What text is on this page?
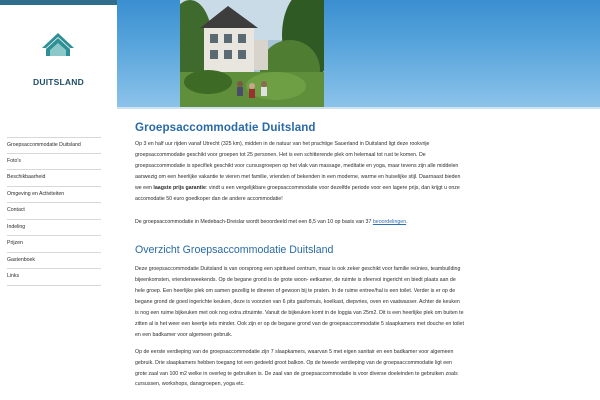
DUITSLAND
Groepsaccommodatie Duitsland
Foto's
Beschikbaarheid
Omgeving en Activiteiten
Contact
Indeling
Prijzen
Gastenboek
Links
Groepsaccommodatie Duitsland

Op 3 en half uur rijden vanaf Utrecht (325 km), midden in de natuur van het prachtige Sauerland in Duitsland ligt deze rookvrije groepsaccommodatie geschikt voor groepen tot 25 personen. Het is een schitterende plek om helemaal tot rust te komen. De groepsaccommodatie is specifiek geschikt voor cursusgroepen op het vlak van massage, meditatie en yoga, maar tevens zijn alle middelen aanwezig om een heerlijke vakantie te vieren met familie, vrienden of bekenden in een moderne, warme en huiselijke stijl. Daarnaast bieden we een laagste prijs garantie: vindt u een vergelijkbare groepsaccommodatie voor dezelfde periode voor een lagere prijs, dan krijgt u onze accomodatie 50 euro goedkoper dan de andere accommodatie!

De groepsaccommodatie in Medebach-Dreislar wordt beoordeeld met een 8,5 van 10 op basis van 37 beoordelingen.

Overzicht Groepsaccommodatie Duitsland

Deze groepsaccommodatie Duitsland is van oorsprong een spiritueel centrum, maar is ook zeker geschikt voor familie reünies, teambuilding bijeenkomsten, vriendenweekends. Op de begane grond is de grote woon- eetkamer, de ruimte is sfeervol ingericht en biedt plaats aan de hele groep. Een heerlijke plek om samen gezellig te dineren of gewoon bij te praten. In de ruime entree/hal is een toilet. Verder is er op de begane grond de goed ingerichte keuken, deze is voorzien van 6 pits gasfornuis, koelkast, diepvries, oven en vaatwasser. Achter de keuken is nog een ruime bijkeuken met ook nog extra zitruimte. Vanuit de bijkeuken komt in de loggia van 25m2. Dit is een heerlijke plek om buiten te zitten al is het weer een keertje iets minder. Ook zijn er op de begane grond van de groepsaccommodatie 5 slaapkamers met douche en toilet en een badkamer voor algemeen gebruik.

Op de eerste verdieping van de groepsaccommodatie zijn 7 slaapkamers, waarvan 5 met eigen sanitair en een badkamer voor algemeen gebruik. Drie slaapkamers hebben toegang tot een gedeeld groot balkon. Op de tweede verdieping van de groepsaccommodatie ligt een grote zaal van 100 m2 welke in overleg te gebruiken is. De zaal van de groepsaccommodatie is voor diverse doeleinden te gebruiken zoals cursussen, workshops, dansgroepen, yoga etc.
